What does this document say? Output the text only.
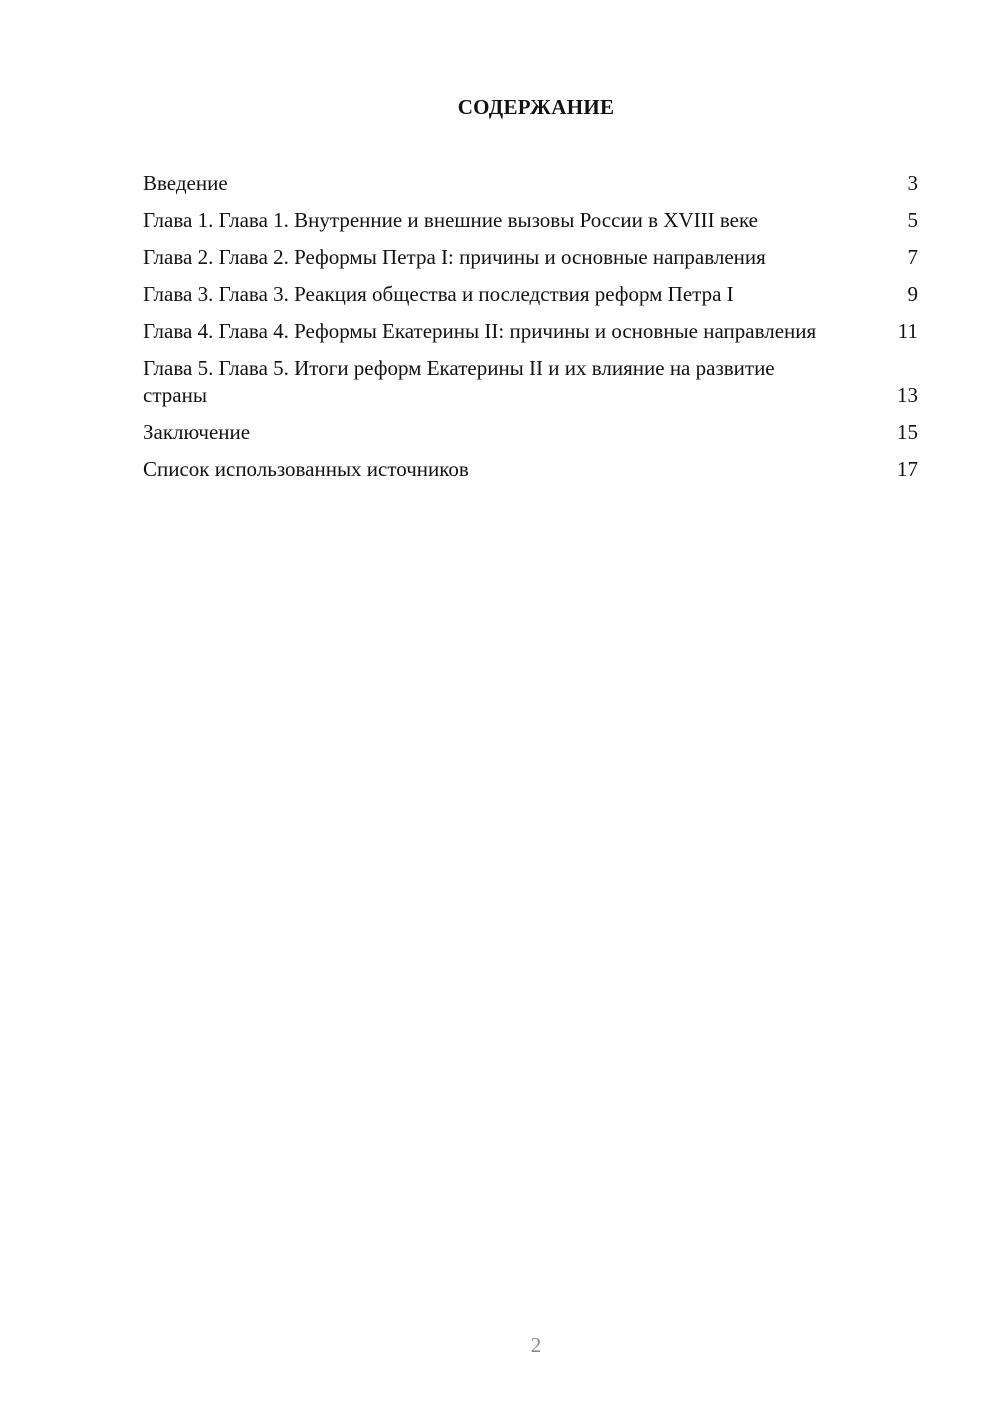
СОДЕРЖАНИЕ
Введение	3
Глава 1. Глава 1. Внутренние и внешние вызовы России в XVIII веке	5
Глава 2. Глава 2. Реформы Петра I: причины и основные направления	7
Глава 3. Глава 3. Реакция общества и последствия реформ Петра I	9
Глава 4. Глава 4. Реформы Екатерины II: причины и основные направления	11
Глава 5. Глава 5. Итоги реформ Екатерины II и их влияние на развитие страны	13
Заключение	15
Список использованных источников	17
2
